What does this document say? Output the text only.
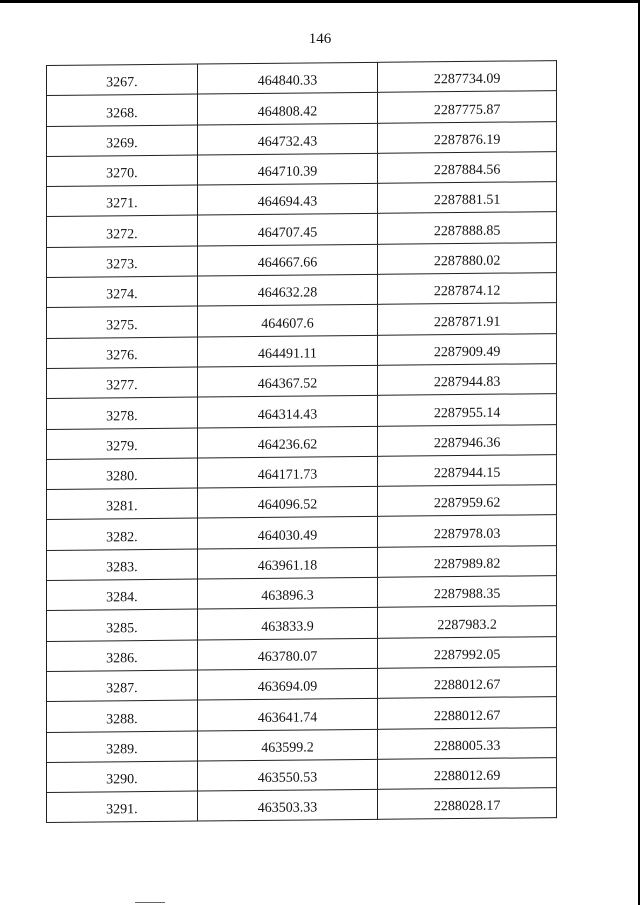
146
3267.	464840.33	2287734.09
3268.	464808.42	2287775.87
3269.	464732.43	2287876.19
3270.	464710.39	2287884.56
3271.	464694.43	2287881.51
3272.	464707.45	2287888.85
3273.	464667.66	2287880.02
3274.	464632.28	2287874.12
3275.	464607.6	2287871.91
3276.	464491.11	2287909.49
3277.	464367.52	2287944.83
3278.	464314.43	2287955.14
3279.	464236.62	2287946.36
3280.	464171.73	2287944.15
3281.	464096.52	2287959.62
3282.	464030.49	2287978.03
3283.	463961.18	2287989.82
3284.	463896.3	2287988.35
3285.	463833.9	2287983.2
3286.	463780.07	2287992.05
3287.	463694.09	2288012.67
3288.	463641.74	2288012.67
3289.	463599.2	2288005.33
3290.	463550.53	2288012.69
3291.	463503.33	2288028.17
